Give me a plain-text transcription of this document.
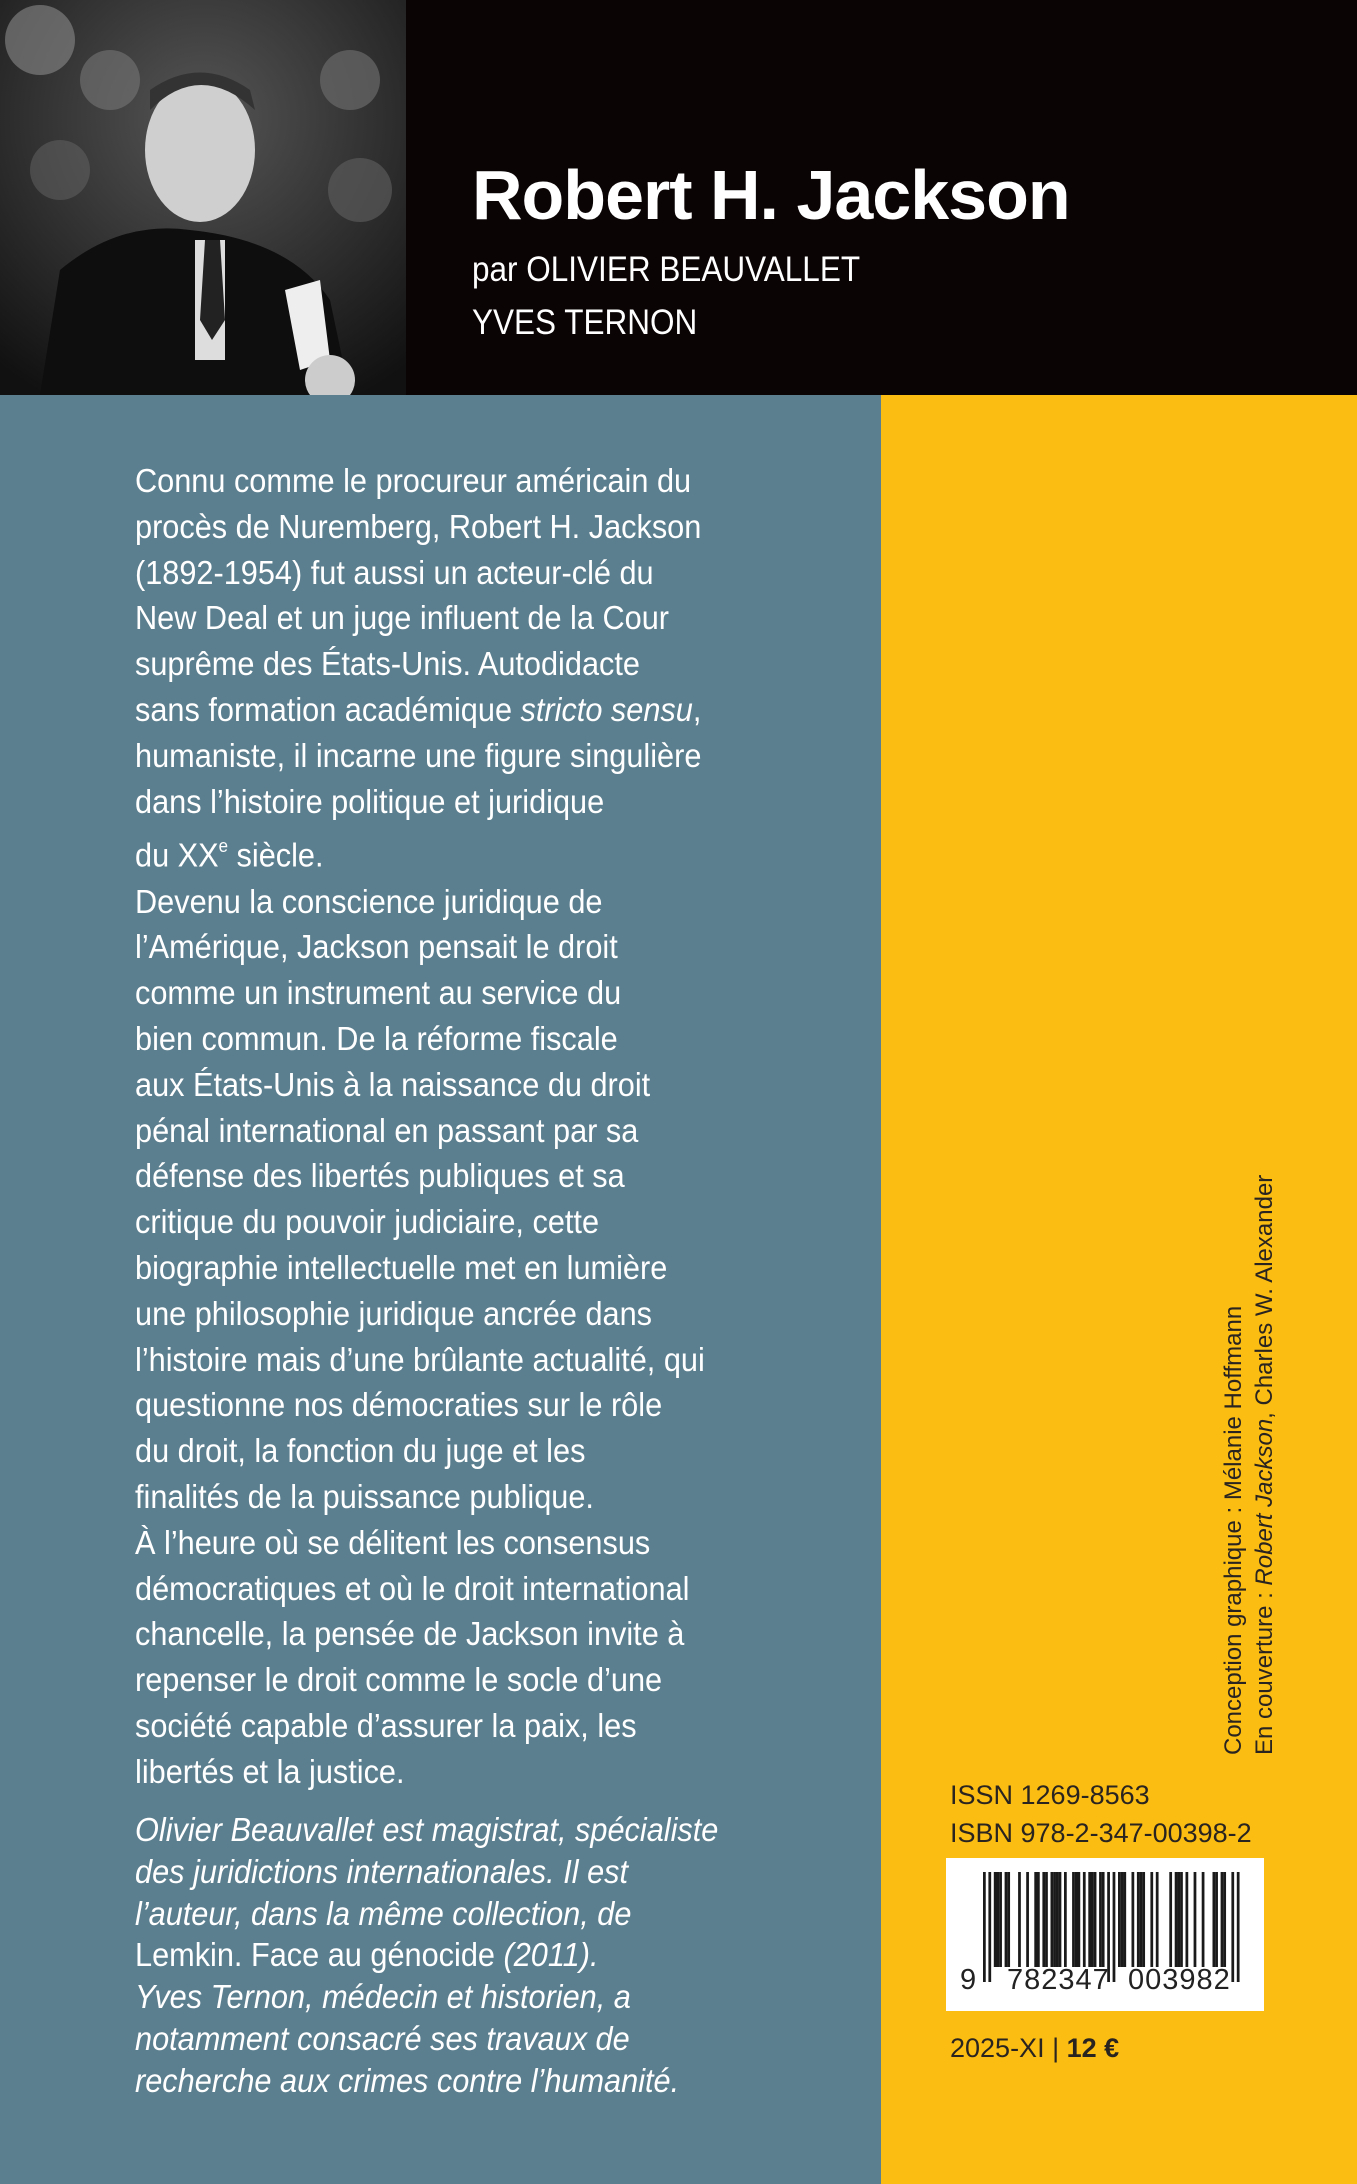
Robert H. Jackson
par OLIVIER BEAUVALLET
YVES TERNON
Connu comme le procureur américain du
procès de Nuremberg, Robert H. Jackson
(1892-1954) fut aussi un acteur-clé du
New Deal et un juge influent de la Cour
suprême des États-Unis. Autodidacte
sans formation académique stricto sensu,
humaniste, il incarne une figure singulière
dans l’histoire politique et juridique
du XXe siècle.
Devenu la conscience juridique de
l’Amérique, Jackson pensait le droit
comme un instrument au service du
bien commun. De la réforme fiscale
aux États-Unis à la naissance du droit
pénal international en passant par sa
défense des libertés publiques et sa
critique du pouvoir judiciaire, cette
biographie intellectuelle met en lumière
une philosophie juridique ancrée dans
l’histoire mais d’une brûlante actualité, qui
questionne nos démocraties sur le rôle
du droit, la fonction du juge et les
finalités de la puissance publique.
À l’heure où se délitent les consensus
démocratiques et où le droit international
chancelle, la pensée de Jackson invite à
repenser le droit comme le socle d’une
société capable d’assurer la paix, les
libertés et la justice.
Olivier Beauvallet est magistrat, spécialiste
des juridictions internationales. Il est
l’auteur, dans la même collection, de
Lemkin. Face au génocide (2011).
Yves Ternon, médecin et historien, a
notamment consacré ses travaux de
recherche aux crimes contre l’humanité.
Conception graphique : Mélanie Hoffmann En couverture : Robert Jackson, Charles W. Alexander
ISSN 1269-8563
ISBN 978-2-347-00398-2
9 782347 003982
2025-XI | 12 €
